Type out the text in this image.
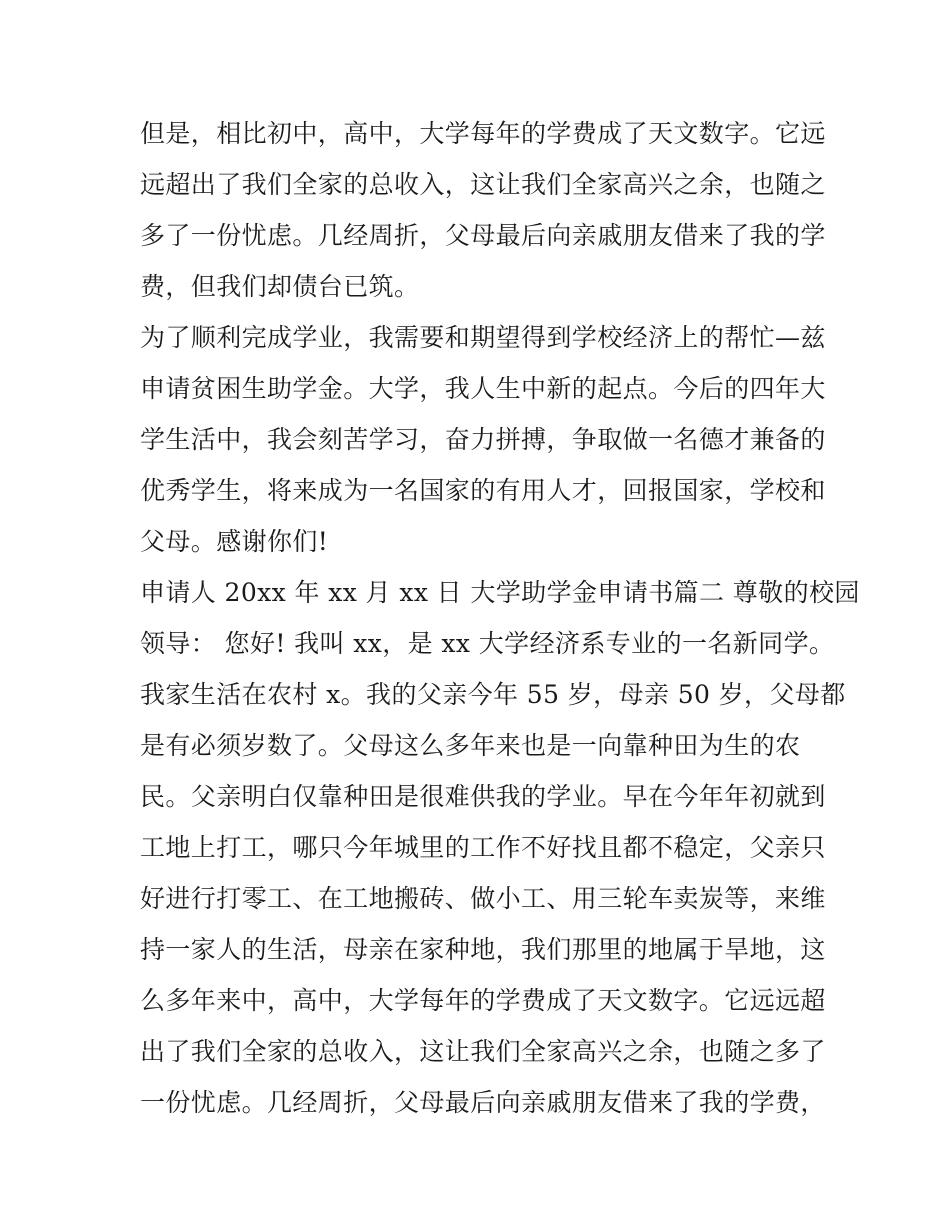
但是，相比初中，高中，大学每年的学费成了天文数字。它远
远超出了我们全家的总收入，这让我们全家高兴之余，也随之
多了一份忧虑。几经周折，父母最后向亲戚朋友借来了我的学
费，但我们却债台已筑。
为了顺利完成学业，我需要和期望得到学校经济上的帮忙—兹
申请贫困生助学金。大学，我人生中新的起点。今后的四年大
学生活中，我会刻苦学习，奋力拼搏，争取做一名德才兼备的
优秀学生，将来成为一名国家的有用人才，回报国家，学校和
父母。感谢你们!
申请人 20xx 年 xx 月 xx 日 大学助学金申请书篇二 尊敬的校园
领导： 您好! 我叫 xx，是 xx 大学经济系专业的一名新同学。
我家生活在农村 x。我的父亲今年 55 岁，母亲 50 岁，父母都
是有必须岁数了。父母这么多年来也是一向靠种田为生的农
民。父亲明白仅靠种田是很难供我的学业。早在今年年初就到
工地上打工，哪只今年城里的工作不好找且都不稳定，父亲只
好进行打零工、在工地搬砖、做小工、用三轮车卖炭等，来维
持一家人的生活，母亲在家种地，我们那里的地属于旱地，这
么多年来中，高中，大学每年的学费成了天文数字。它远远超
出了我们全家的总收入，这让我们全家高兴之余，也随之多了
一份忧虑。几经周折，父母最后向亲戚朋友借来了我的学费，
